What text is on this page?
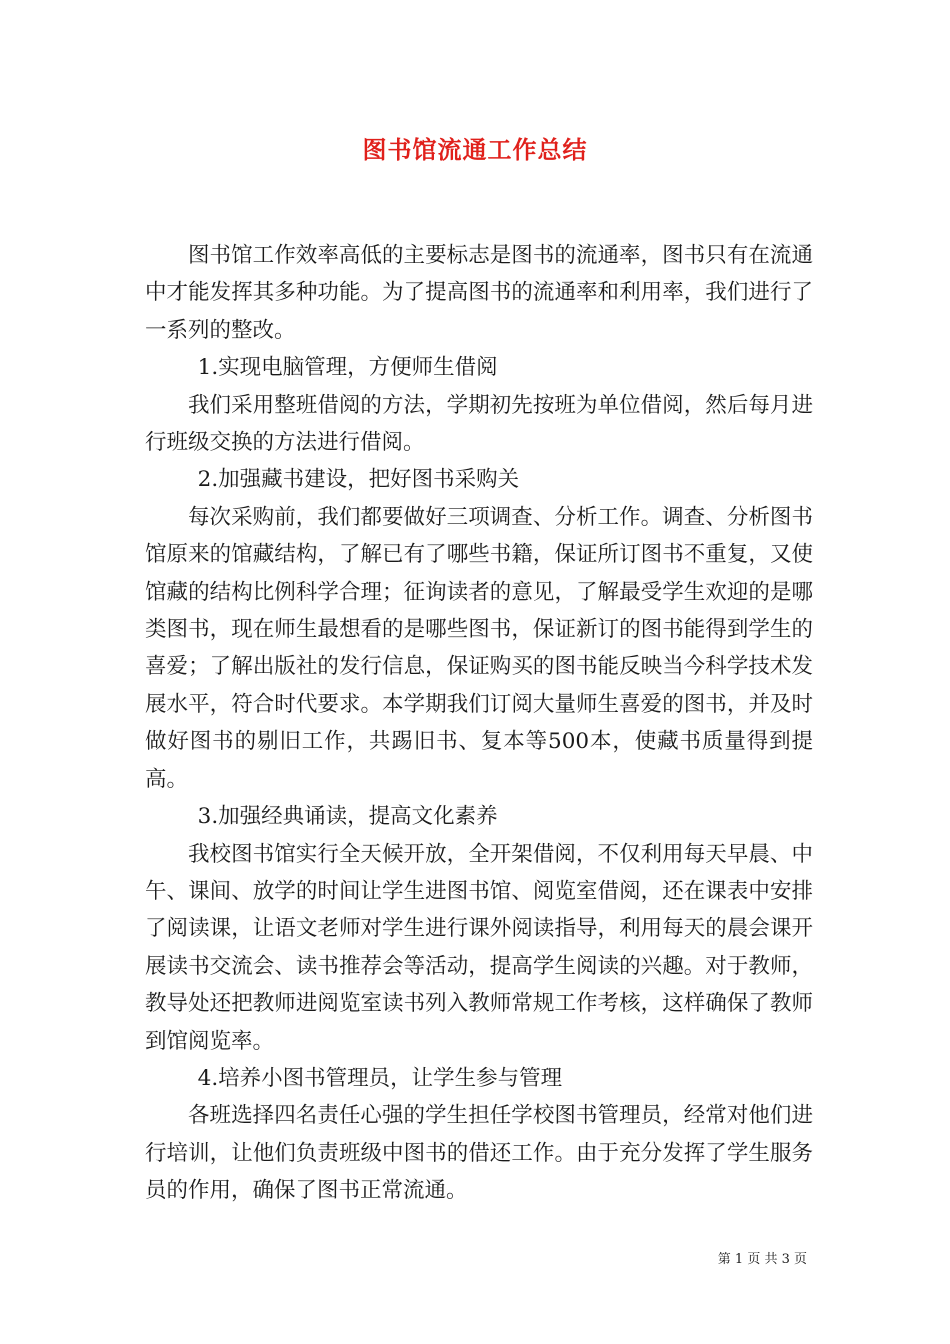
图书馆流通工作总结

图书馆工作效率高低的主要标志是图书的流通率，图书只有在流通中才能发挥其多种功能。为了提高图书的流通率和利用率，我们进行了一系列的整改。

1.实现电脑管理，方便师生借阅

我们采用整班借阅的方法，学期初先按班为单位借阅，然后每月进行班级交换的方法进行借阅。

2.加强藏书建设，把好图书采购关

每次采购前，我们都要做好三项调查、分析工作。调查、分析图书馆原来的馆藏结构，了解已有了哪些书籍，保证所订图书不重复，又使馆藏的结构比例科学合理；征询读者的意见，了解最受学生欢迎的是哪类图书，现在师生最想看的是哪些图书，保证新订的图书能得到学生的喜爱；了解出版社的发行信息，保证购买的图书能反映当今科学技术发展水平，符合时代要求。本学期我们订阅大量师生喜爱的图书，并及时做好图书的剔旧工作，共踢旧书、复本等500本，使藏书质量得到提高。

3.加强经典诵读，提高文化素养

我校图书馆实行全天候开放，全开架借阅，不仅利用每天早晨、中午、课间、放学的时间让学生进图书馆、阅览室借阅，还在课表中安排了阅读课，让语文老师对学生进行课外阅读指导，利用每天的晨会课开展读书交流会、读书推荐会等活动，提高学生阅读的兴趣。对于教师，教导处还把教师进阅览室读书列入教师常规工作考核，这样确保了教师到馆阅览率。

4.培养小图书管理员，让学生参与管理

各班选择四名责任心强的学生担任学校图书管理员，经常对他们进行培训，让他们负责班级中图书的借还工作。由于充分发挥了学生服务员的作用，确保了图书正常流通。

第 1 页 共 3 页
